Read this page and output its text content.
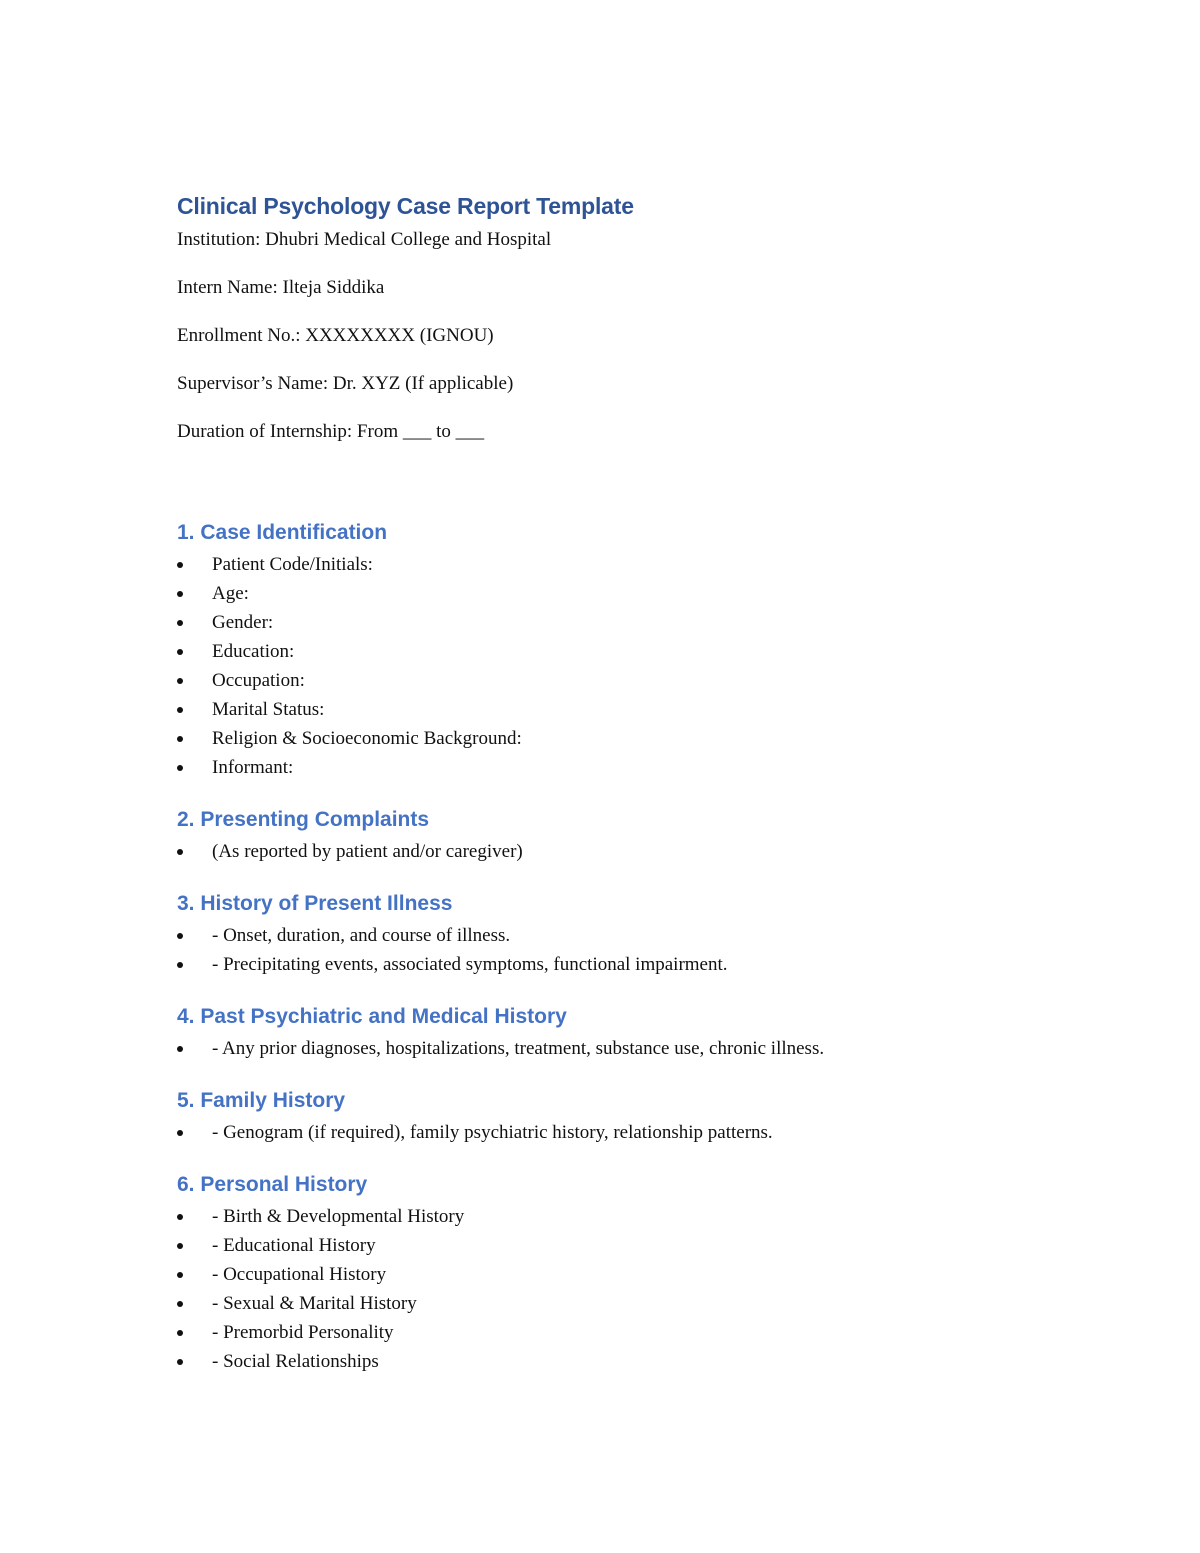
Clinical Psychology Case Report Template

Institution: Dhubri Medical College and Hospital

Intern Name: Ilteja Siddika

Enrollment No.: XXXXXXXX (IGNOU)

Supervisor’s Name: Dr. XYZ (If applicable)

Duration of Internship: From ___ to ___

1. Case Identification
Patient Code/Initials:
Age:
Gender:
Education:
Occupation:
Marital Status:
Religion & Socioeconomic Background:
Informant:
2. Presenting Complaints
(As reported by patient and/or caregiver)
3. History of Present Illness
- Onset, duration, and course of illness.
- Precipitating events, associated symptoms, functional impairment.
4. Past Psychiatric and Medical History
- Any prior diagnoses, hospitalizations, treatment, substance use, chronic illness.
5. Family History
- Genogram (if required), family psychiatric history, relationship patterns.
6. Personal History
- Birth & Developmental History
- Educational History
- Occupational History
- Sexual & Marital History
- Premorbid Personality
- Social Relationships
